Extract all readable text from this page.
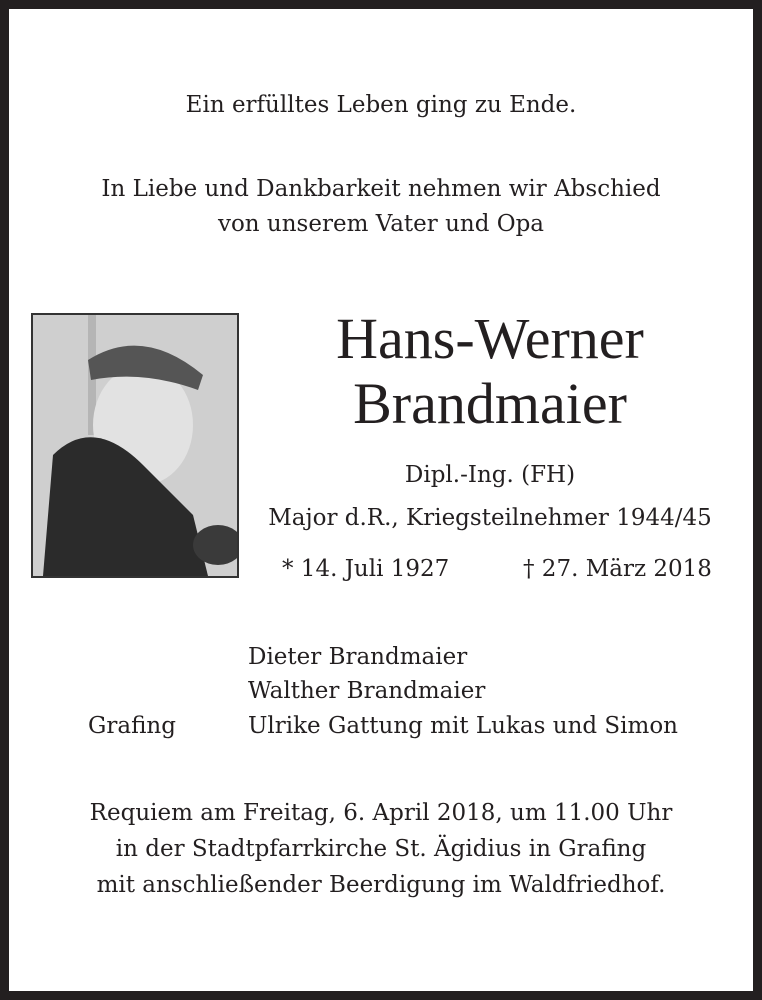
Ein erfülltes Leben ging zu Ende.
In Liebe und Dankbarkeit nehmen wir Abschied
von unserem Vater und Opa
Hans-Werner
Brandmaier
Dipl.-Ing. (FH)
Major d.R., Kriegsteilnehmer 1944/45
* 14. Juli 1927	† 27. März 2018
Dieter Brandmaier
Walther Brandmaier
Grafing	Ulrike Gattung mit Lukas und Simon
Requiem am Freitag, 6. April 2018, um 11.00 Uhr
in der Stadtpfarrkirche St. Ägidius in Grafing
mit anschließender Beerdigung im Waldfriedhof.
